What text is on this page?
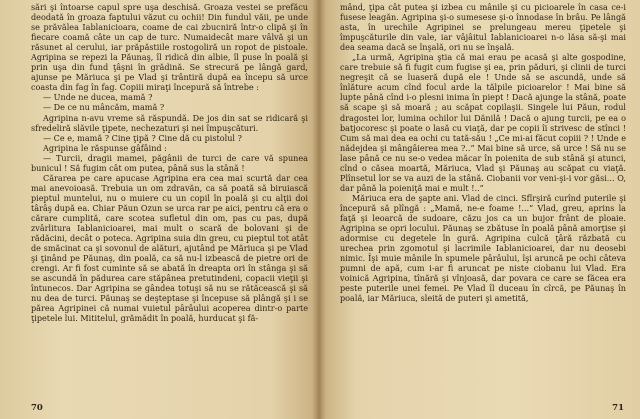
sări şi întoarse capul spre uşa deschisă. Groaza vestei se prefăcu deodată în groaza faptului văzut cu ochii! Din fundul văii, pe unde se prăvălea Iablanicioara, coame de cai zbucniră într-o clipă şi în fiecare coamă câte un cap de turc. Numaidecât mare vâlvă şi un răsunet al cerului, iar prăpăstiile rostogoliră un ropot de pistoale. Agripina se repezi la Păunaş, îl ridică din albie, îl puse în poală şi prin uşa din fund ţâşni în grădină. Se strecură pe lângă gard, ajunse pe Măriuca şi pe Vlad şi trântiră după ea începu să urce coasta din fag în fag. Copiii miraţi începură să întrebe :

— Unde ne ducea, mamă ?

— De ce nu mâncăm, mamă ?

Agripina n-avu vreme să răspundă. De jos din sat se ridicară şi sfredeliră slăvile ţipete, nechezaturi şi nei împuşcături.

— Ce e, mamă ? Cine ţipă ? Cine dă cu pistolul ?

Agripina le răspunse gâfâind :

— Turcii, dragii mamei, păgânii de turci de care vă spunea bunicul ! Să fugim cât om putea, până sus la stână !

Cărarea pe care apucase Agripina era cea mai scurtă dar cea mai anevoioasă. Trebuia un om zdravăn, ca să poată să biruiască pieptul muntelui, nu o muiere cu un copil în poală şi cu alţii doi târâş după ea. Chiar Păun Ozun se urca rar pe aici, pentru că era o cărare cumplită, care scotea sufletul din om, pas cu pas, după zvârlitura Iablanicioarei, mai mult o scară de bolovani şi de rădăcini, decât o poteca. Agripina suia din greu, cu pieptul tot atât de smăcinat ca şi sovonul de alături, ajutând pe Măriuca şi pe Vlad şi ţinând pe Păunaş, din poală, ca să nu-l izbească de pietre ori de crengi. Ar fi fost cuminte să se abată în dreapta ori în stânga şi să se ascundă în pădurea care stăpânea pretutindeni, copacii vieţii şi întunecos. Dar Agripina se gândea totuşi să nu se rătăcească şi să nu dea de turci. Păunaş se deşteptase şi începuse să plângă şi i se părea Agripinei că numai vuietul pârâului acoperea dintr-o parte ţipetele lui. Mititelul, grămădit în poală, hurducat şi fă-

70

mând, ţipa cât putea şi izbea cu mânile şi cu picioarele în casa ce-i fusese leagăn. Agripina şi-o sumesese şi-o înnodase în brâu. Pe lângă asta, în urechile Agripinei se prelungeau mereu ţipetele şi împuşcăturile din vale, iar vâjâitul Iablanicioarei n-o lăsa să-şi mai dea seama dacă se înşală, ori nu se înşală.

„La urmă, Agripina ştia că mai erau pe acasă şi alte gospodine, care trebuie să fi fugit cum fugise şi ea, prin păduri, şi clinii de turci negreşit că se luaseră după ele ! Unde să se ascundă, unde să înlăture acum cînd focul arde la tălpile picioarelor ! Mai bine să lupte până cînd i-o plesni inima în piept ! Dacă ajunge la stână, poate să scape şi să moară ; au scăpat copilaşii. Singele lui Păun, rodul dragostei lor, lumina ochilor lui Dănilă ! Dacă o ajung turcii, pe ea o batjocoresc şi poate o lasă cu viaţă, dar pe copii îi strivesc de stînci ! Cum să mai dea ea ochi cu tată-său ! „Ce mi-ai făcut copiii ? ! Unde e nădejdea şi mângâierea mea ?..” Mai bine să urce, să urce ! Să nu se lase până ce nu se-o vedea măcar în poienita de sub stână şi atunci, cînd o căsea moartă, Măriuca, Vlad şi Păunaş au scăpat cu viaţă. Plînsetul lor se va auzi de la stână. Ciobanii vor veni-şi-i vor găsi... O, dar până la poieniţă mai e mult !..”

Măriuca era de şapte ani. Vlad de cinci. Sfîrşiră curînd puterile şi începură să plîngă : „Mamă, ne-e foame !...” Vlad, greu, aprins la faţă şi leoarcă de sudoare, căzu jos ca un bujor frânt de ploaie. Agripina se opri locului. Păunaş se zbătuse în poală până amorţise şi adormise cu degetele în gură. Agripina culcă ţâră răzbată cu urechea prin zgomotul şi lacrimile Iablanicioarei, dar nu deosebi nimic. Îşi muie mânile în spumele pârâului, îşi aruncă pe ochi câteva pumni de apă, cum i-ar fi aruncat pe niste ciobanu lui Vlad. Era voinică Agripina, tînără şi vînjoasă, dar povara ce care se făcea era peste puterile unei femei. Pe Vlad îl duceau în cîrcă, pe Păunaş în poală, iar Măriuca, sleită de puteri şi ametită,

71
